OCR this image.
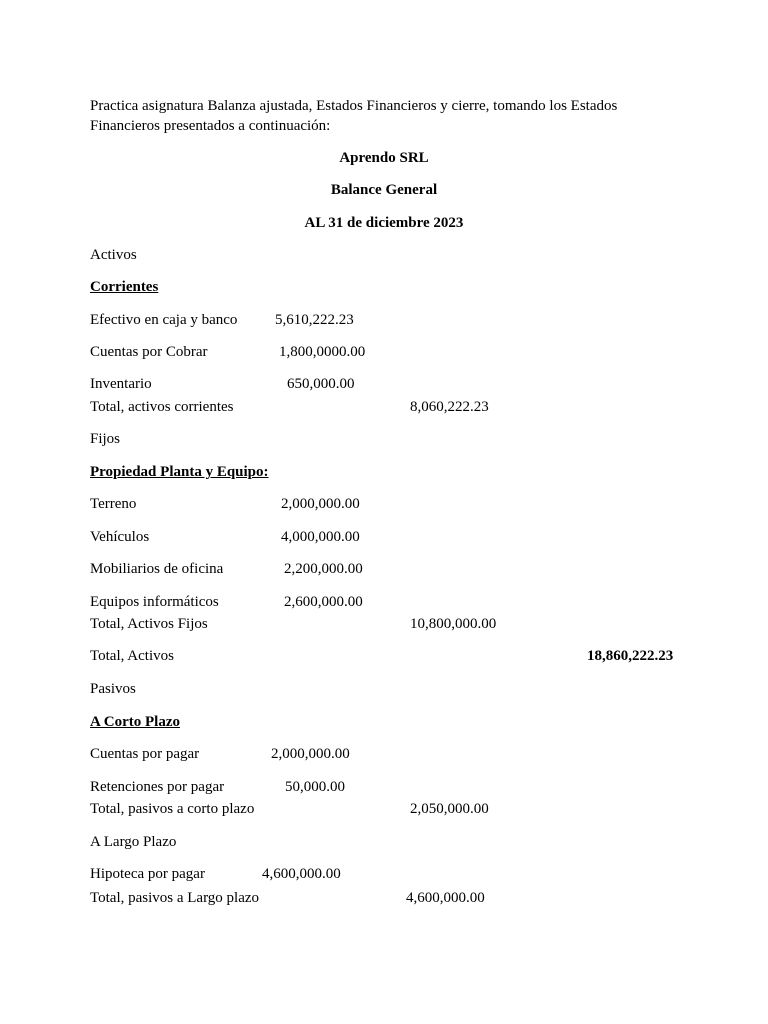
Practica asignatura Balanza ajustada, Estados Financieros y cierre, tomando los Estados
Financieros presentados a continuación:
Aprendo SRL
Balance General
AL 31 de diciembre 2023
Activos
Corrientes
Efectivo en caja y banco	5,610,222.23
Cuentas por Cobrar	1,800,0000.00
Inventario	650,000.00
Total, activos corrientes	8,060,222.23
Fijos
Propiedad Planta y Equipo:
Terreno	2,000,000.00
Vehículos	4,000,000.00
Mobiliarios de oficina	2,200,000.00
Equipos informáticos	2,600,000.00
Total, Activos Fijos	10,800,000.00
Total, Activos	18,860,222.23
Pasivos
A Corto Plazo
Cuentas por pagar	2,000,000.00
Retenciones por pagar	50,000.00
Total, pasivos a corto plazo	2,050,000.00
A Largo Plazo
Hipoteca por pagar	4,600,000.00
Total, pasivos a Largo plazo	4,600,000.00
